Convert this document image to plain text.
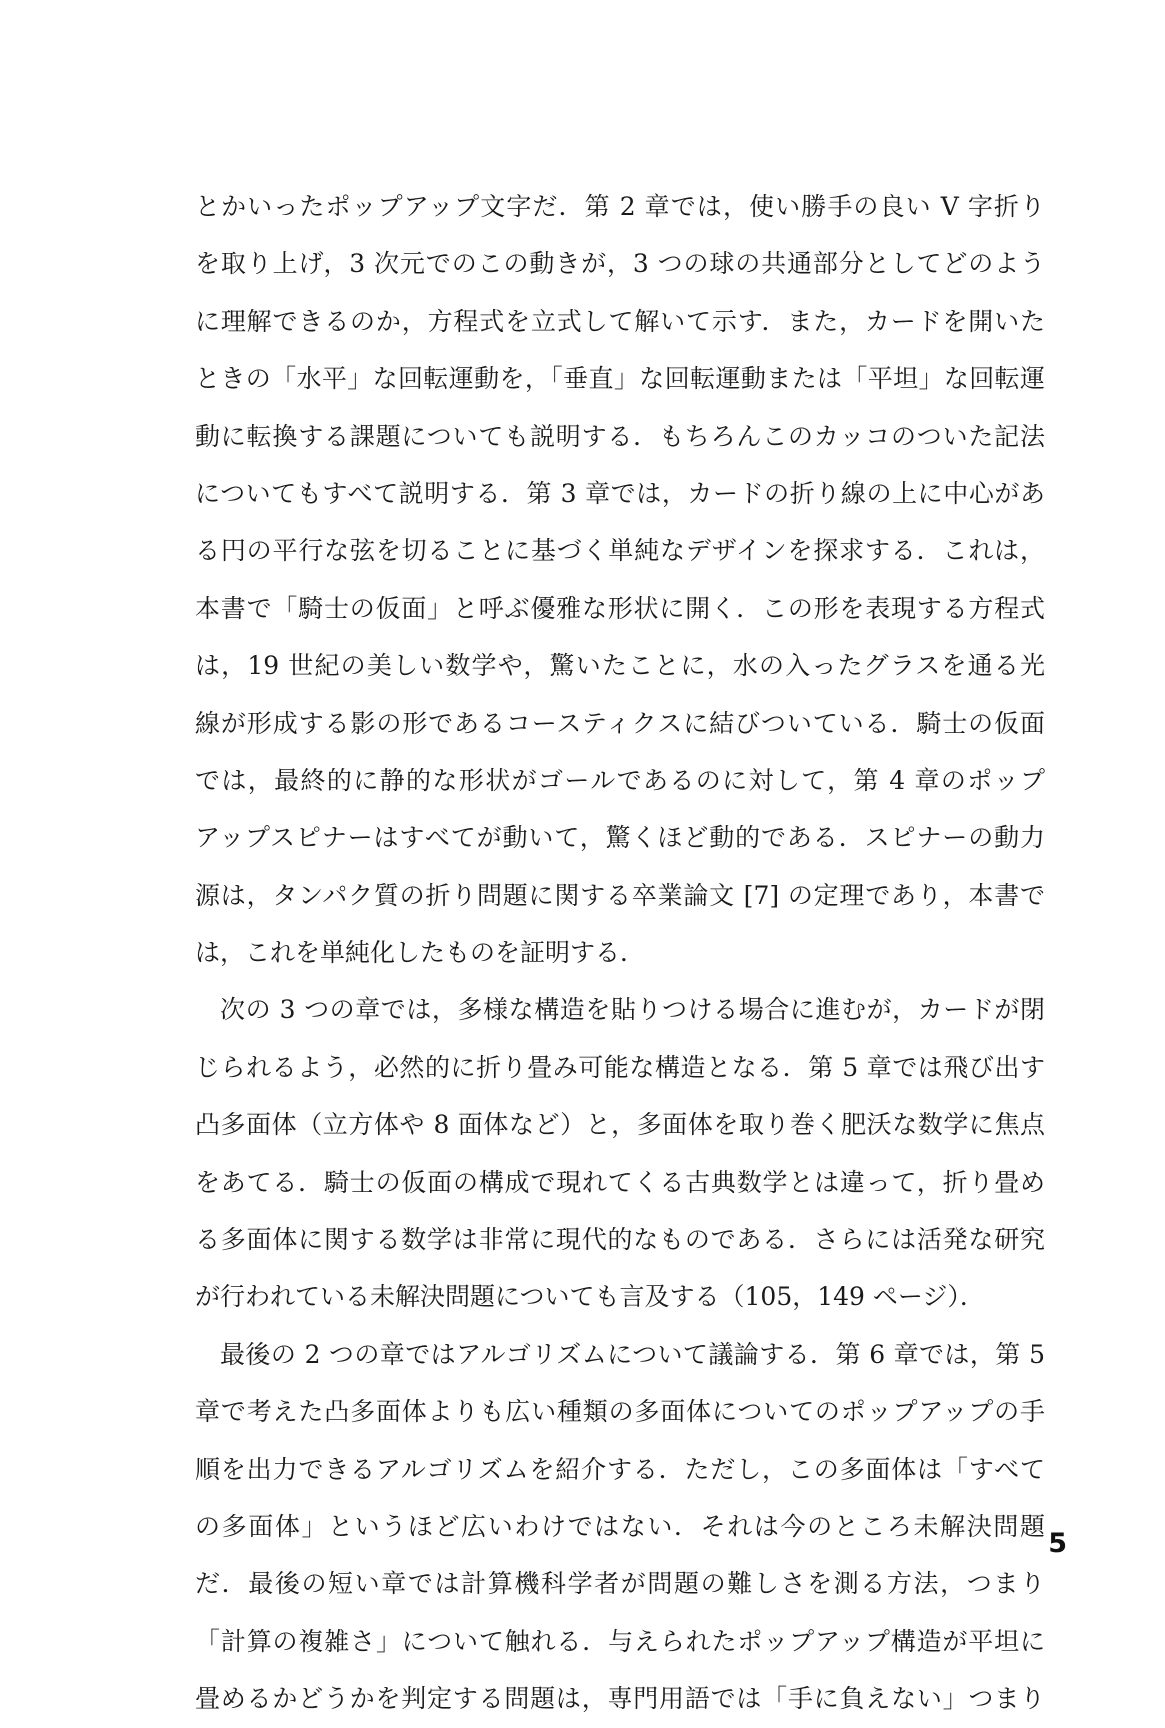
とかいったポップアップ文字だ．第 2 章では，使い勝手の良い V 字折り
を取り上げ，3 次元でのこの動きが，3 つの球の共通部分としてどのよう
に理解できるのか，方程式を立式して解いて示す．また，カードを開いた
ときの「水平」な回転運動を，「垂直」な回転運動または「平坦」な回転運
動に転換する課題についても説明する．もちろんこのカッコのついた記法
についてもすべて説明する．第 3 章では，カードの折り線の上に中心があ
る円の平行な弦を切ることに基づく単純なデザインを探求する．これは，
本書で「騎士の仮面」と呼ぶ優雅な形状に開く．この形を表現する方程式
は，19 世紀の美しい数学や，驚いたことに，水の入ったグラスを通る光
線が形成する影の形であるコースティクスに結びついている．騎士の仮面
では，最終的に静的な形状がゴールであるのに対して，第 4 章のポップ
アップスピナーはすべてが動いて，驚くほど動的である．スピナーの動力
源は，タンパク質の折り問題に関する卒業論文 [7] の定理であり，本書で
は，これを単純化したものを証明する．
次の 3 つの章では，多様な構造を貼りつける場合に進むが，カードが閉
じられるよう，必然的に折り畳み可能な構造となる．第 5 章では飛び出す
凸多面体（立方体や 8 面体など）と，多面体を取り巻く肥沃な数学に焦点
をあてる．騎士の仮面の構成で現れてくる古典数学とは違って，折り畳め
る多面体に関する数学は非常に現代的なものである．さらには活発な研究
が行われている未解決問題についても言及する（105，149 ページ）．
最後の 2 つの章ではアルゴリズムについて議論する．第 6 章では，第 5
章で考えた凸多面体よりも広い種類の多面体についてのポップアップの手
順を出力できるアルゴリズムを紹介する．ただし，この多面体は「すべて
の多面体」というほど広いわけではない．それは今のところ未解決問題
だ．最後の短い章では計算機科学者が問題の難しさを測る方法，つまり
「計算の複雑さ」について触れる．与えられたポップアップ構造が平坦に
畳めるかどうかを判定する問題は，専門用語では「手に負えない」つまり
5
